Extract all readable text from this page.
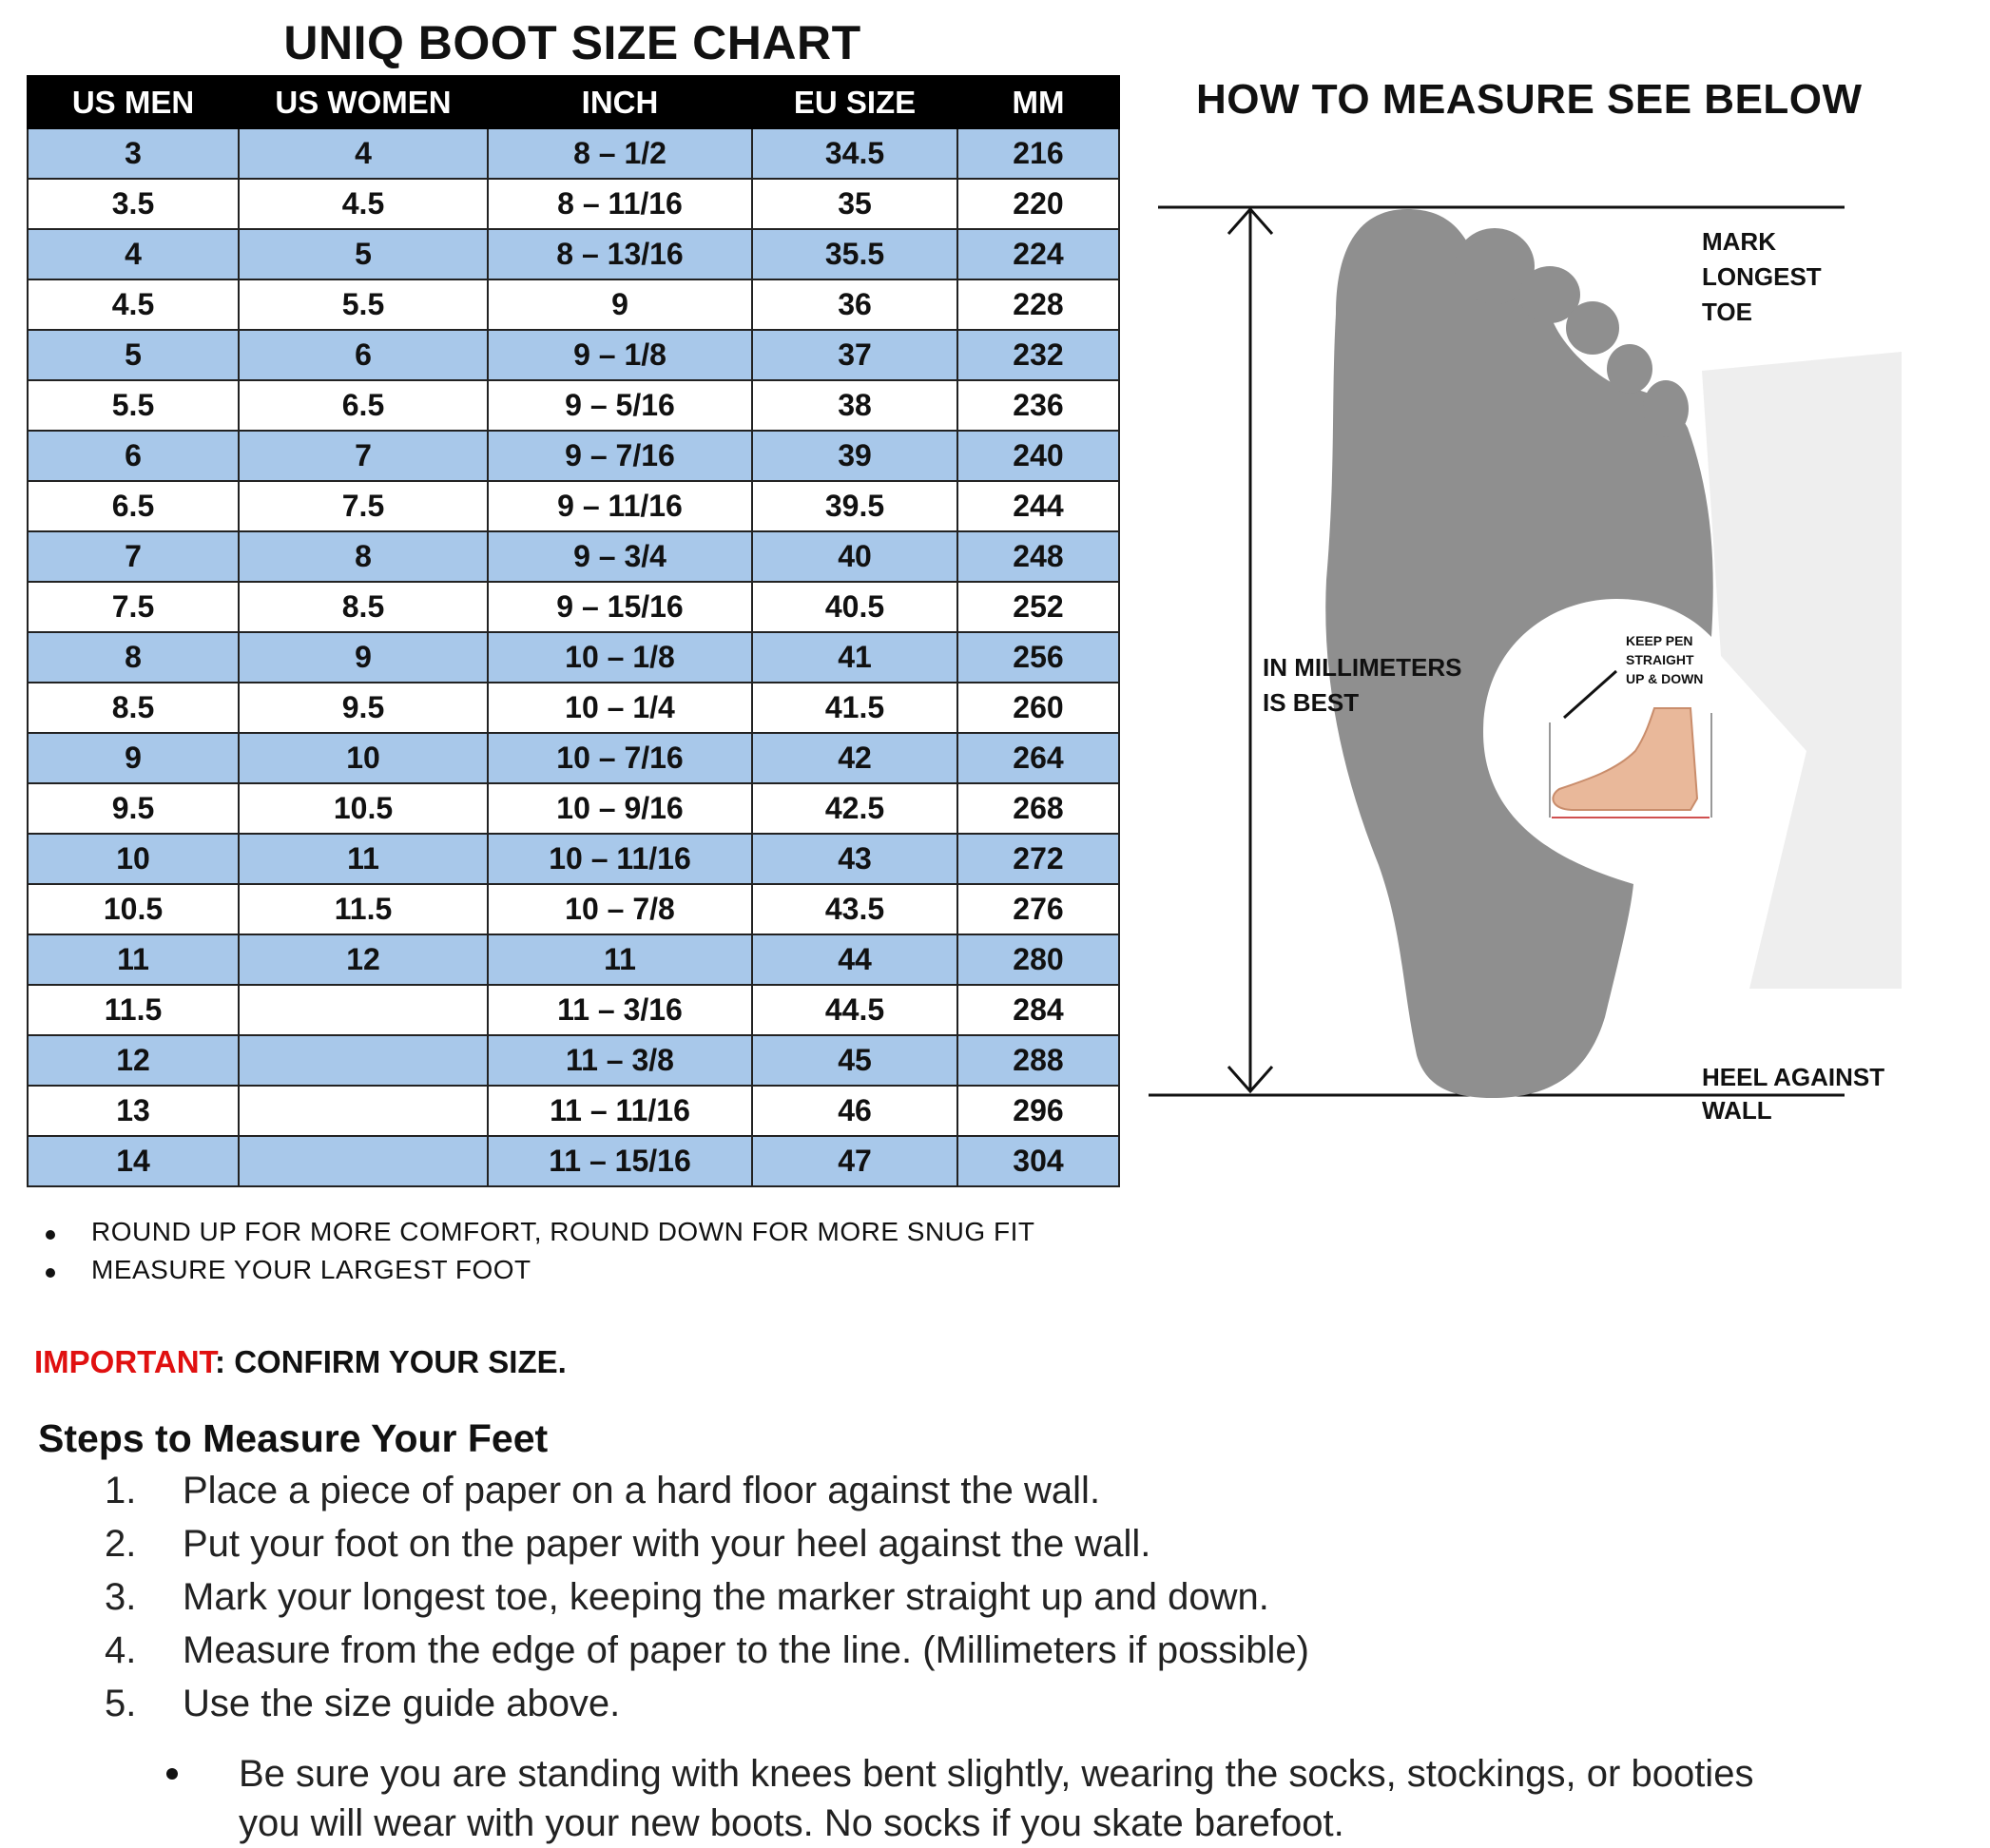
UNIQ BOOT SIZE CHART
US MEN	US WOMEN	INCH	EU SIZE	MM
3	4	8 – 1/2	34.5	216
3.5	4.5	8 – 11/16	35	220
4	5	8 – 13/16	35.5	224
4.5	5.5	9	36	228
5	6	9 – 1/8	37	232
5.5	6.5	9 – 5/16	38	236
6	7	9 – 7/16	39	240
6.5	7.5	9 – 11/16	39.5	244
7	8	9 – 3/4	40	248
7.5	8.5	9 – 15/16	40.5	252
8	9	10 – 1/8	41	256
8.5	9.5	10 – 1/4	41.5	260
9	10	10 – 7/16	42	264
9.5	10.5	10 – 9/16	42.5	268
10	11	10 – 11/16	43	272
10.5	11.5	10 – 7/8	43.5	276
11	12	11	44	280
11.5		11 – 3/16	44.5	284
12		11 – 3/8	45	288
13		11 – 11/16	46	296
14		11 – 15/16	47	304
HOW TO MEASURE SEE BELOW
MARK
LONGEST
TOE
IN MILLIMETERS
IS BEST
KEEP PEN
STRAIGHT
UP & DOWN
HEEL AGAINST
WALL
ROUND UP FOR MORE COMFORT, ROUND DOWN FOR MORE SNUG FIT
MEASURE YOUR LARGEST FOOT
IMPORTANT: CONFIRM YOUR SIZE.
Steps to Measure Your Feet
1. Place a piece of paper on a hard floor against the wall.
2. Put your foot on the paper with your heel against the wall.
3. Mark your longest toe, keeping the marker straight up and down.
4. Measure from the edge of paper to the line. (Millimeters if possible)
5. Use the size guide above.
Be sure you are standing with knees bent slightly, wearing the socks, stockings, or booties you will wear with your new boots. No socks if you skate barefoot.
